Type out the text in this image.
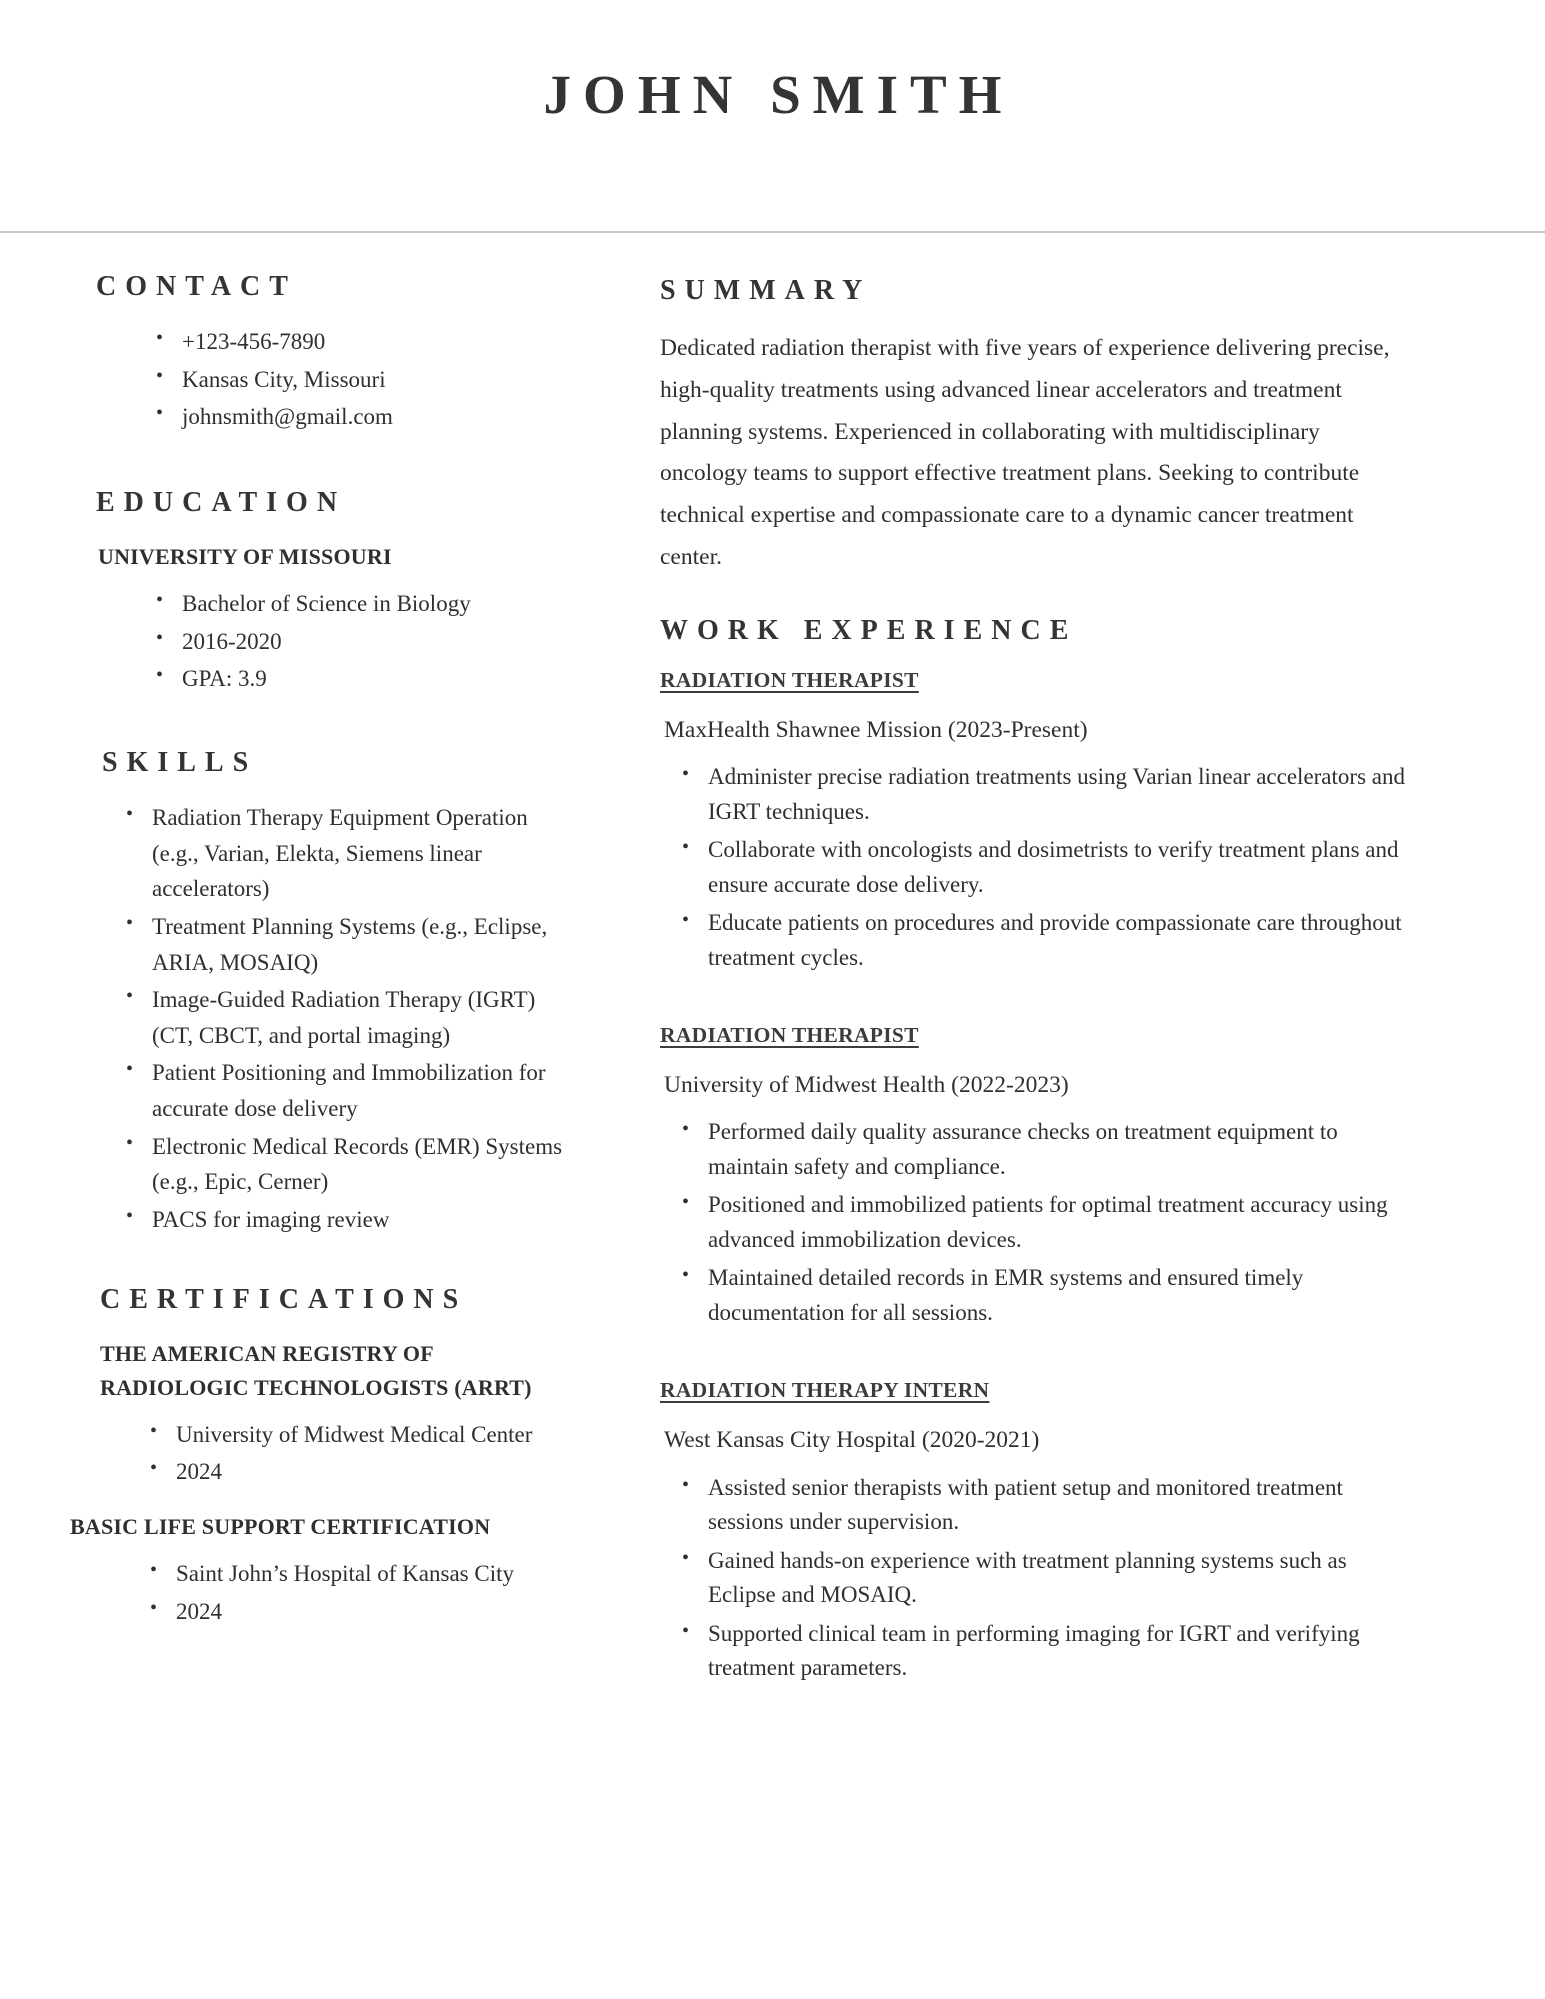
JOHN SMITH
CONTACT
• +123-456-7890
• Kansas City, Missouri
• johnsmith@gmail.com
EDUCATION
UNIVERSITY OF MISSOURI
• Bachelor of Science in Biology
• 2016-2020
• GPA: 3.9
SKILLS
• Radiation Therapy Equipment Operation (e.g., Varian, Elekta, Siemens linear accelerators)
• Treatment Planning Systems (e.g., Eclipse, ARIA, MOSAIQ)
• Image-Guided Radiation Therapy (IGRT) (CT, CBCT, and portal imaging)
• Patient Positioning and Immobilization for accurate dose delivery
• Electronic Medical Records (EMR) Systems (e.g., Epic, Cerner)
• PACS for imaging review
CERTIFICATIONS
THE AMERICAN REGISTRY OF RADIOLOGIC TECHNOLOGISTS (ARRT)
• University of Midwest Medical Center
• 2024
BASIC LIFE SUPPORT CERTIFICATION
• Saint John’s Hospital of Kansas City
• 2024
SUMMARY

Dedicated radiation therapist with five years of experience delivering precise, high-quality treatments using advanced linear accelerators and treatment planning systems. Experienced in collaborating with multidisciplinary oncology teams to support effective treatment plans. Seeking to contribute technical expertise and compassionate care to a dynamic cancer treatment center.

WORK EXPERIENCE
RADIATION THERAPIST
MaxHealth Shawnee Mission (2023-Present)
• Administer precise radiation treatments using Varian linear accelerators and IGRT techniques.
• Collaborate with oncologists and dosimetrists to verify treatment plans and ensure accurate dose delivery.
• Educate patients on procedures and provide compassionate care throughout treatment cycles.
RADIATION THERAPIST
University of Midwest Health (2022-2023)
• Performed daily quality assurance checks on treatment equipment to maintain safety and compliance.
• Positioned and immobilized patients for optimal treatment accuracy using advanced immobilization devices.
• Maintained detailed records in EMR systems and ensured timely documentation for all sessions.
RADIATION THERAPY INTERN
West Kansas City Hospital (2020-2021)
• Assisted senior therapists with patient setup and monitored treatment sessions under supervision.
• Gained hands-on experience with treatment planning systems such as Eclipse and MOSAIQ.
• Supported clinical team in performing imaging for IGRT and verifying treatment parameters.
